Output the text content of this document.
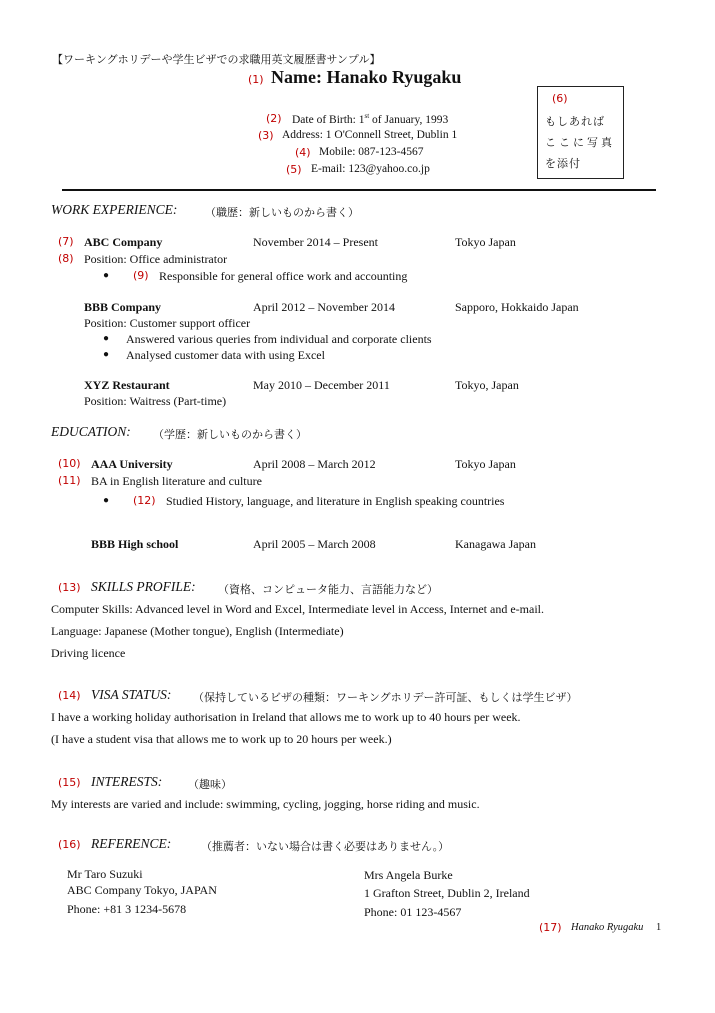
【ワーキングホリデーや学生ビザでの求職用英文履歴書サンプル】
(1) Name: Hanako Ryugaku
(2) Date of Birth: 1st of January, 1993
(3) Address: 1 O'Connell Street, Dublin 1
(4) Mobile: 087-123-4567
(5) E-mail: 123@yahoo.co.jp
(6)
もしあれば
ここに写真
を添付
WORK EXPERIENCE:	（職歴：新しいものから書く）
(7) ABC Company	November 2014 – Present	Tokyo Japan
(8) Position: Office administrator
● (9) Responsible for general office work and accounting
BBB Company	April 2012 – November 2014	Sapporo, Hokkaido Japan
Position: Customer support officer
● Answered various queries from individual and corporate clients
● Analysed customer data with using Excel
XYZ Restaurant	May 2010 – December 2011	Tokyo, Japan
Position: Waitress (Part-time)
EDUCATION: （学歴：新しいものから書く）
(10) AAA University	April 2008 – March 2012	Tokyo Japan
(11) BA in English literature and culture
● (12) Studied History, language, and literature in English speaking countries
BBB High school	April 2005 – March 2008	Kanagawa Japan
(13) SKILLS PROFILE: （資格、コンピュータ能力、言語能力など）
Computer Skills: Advanced level in Word and Excel, Intermediate level in Access, Internet and e-mail.
Language: Japanese (Mother tongue), English (Intermediate)
Driving licence
(14) VISA STATUS: （保持しているビザの種類：ワーキングホリデー許可証、もしくは学生ビザ）
I have a working holiday authorisation in Ireland that allows me to work up to 40 hours per week.
(I have a student visa that allows me to work up to 20 hours per week.)
(15) INTERESTS: （趣味）
My interests are varied and include: swimming, cycling, jogging, horse riding and music.
(16) REFERENCE:	（推薦者：いない場合は書く必要はありません。）
Mr Taro Suzuki
ABC Company Tokyo, JAPAN
Phone: +81 3 1234-5678
Mrs Angela Burke
1 Grafton Street, Dublin 2, Ireland
Phone: 01 123-4567
(17) Hanako Ryugaku 1
